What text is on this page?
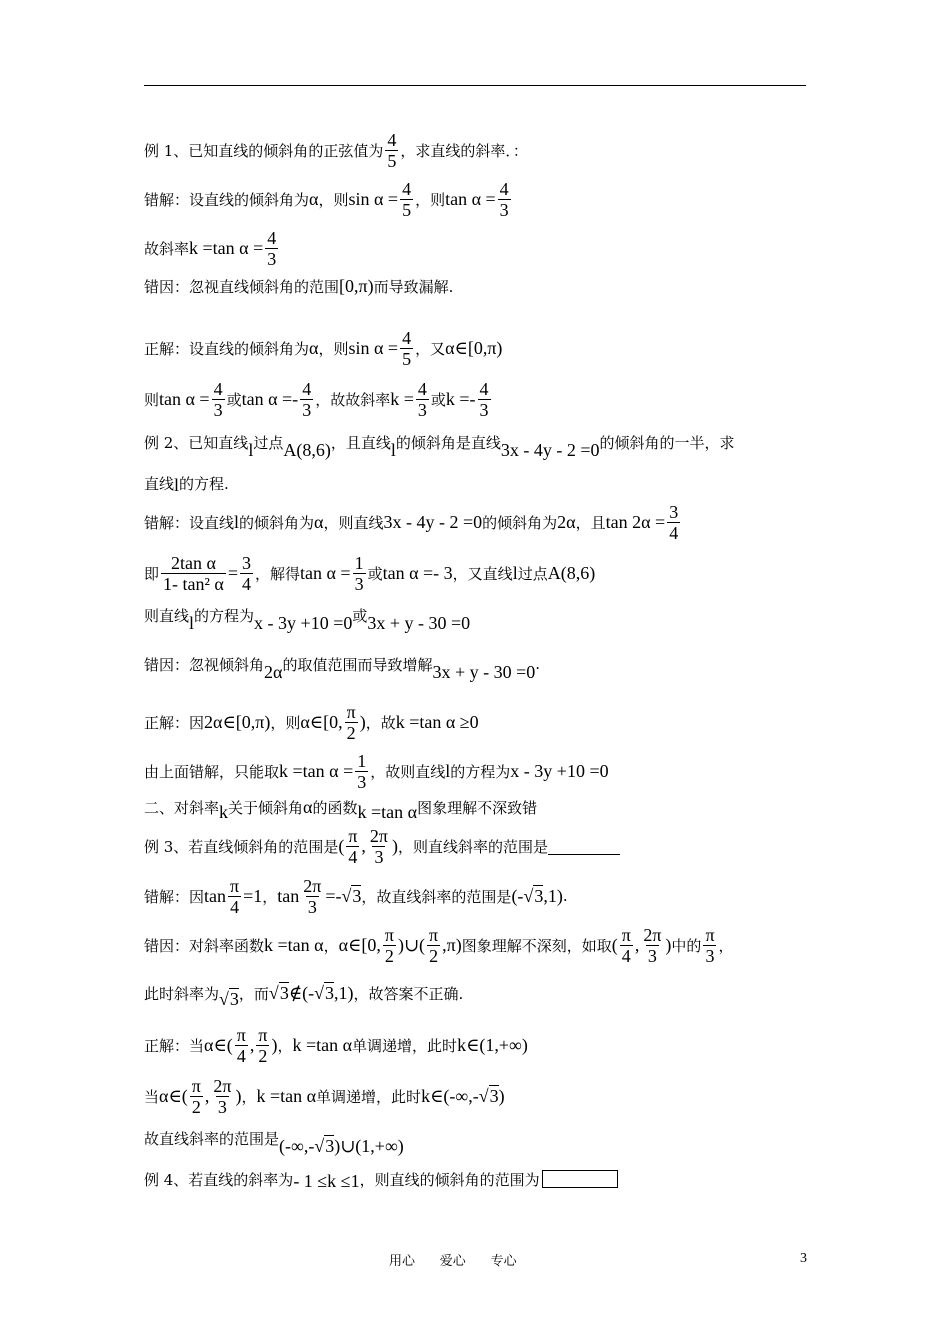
例 1、已知直线的倾斜角的正弦值为 $\frac{4}{5}$ ，求直线的斜率．：
错解：设直线的倾斜角为 α ，则 $\sin \alpha = \frac{4}{5}$ ，则 $\tan \alpha = \frac{4}{3}$
故斜率 k =tan $\alpha = \frac{4}{3}$
错因：忽视直线倾斜角的范围 [0,π) 而导致漏解.
正解：设直线的倾斜角为 α ，则 $\sin \alpha = \frac{4}{5}$ ，又 α∈[0,π)
则 $\tan \alpha = \frac{4}{3}$ 或 $\tan \alpha =- \frac{4}{3}$ ，故故斜率 $k = \frac{4}{3}$ 或 $k =- \frac{4}{3}$
例 2、已知直线 l 过点 A(8,6) ，且直线 l 的倾斜角是直线 3x - 4y - 2 =0 的倾斜角的一半，求
直线 l 的方程.
错解：设直线 l 的倾斜角为 α ，则直线 3x - 4y - 2 =0 的倾斜角为 2α ，且 $\tan 2\alpha = \frac{3}{4}$
即 $\frac{\text{2tan α}}{\text{1- tan² α}} = \frac{3}{4}$ ，解得 $\tan \alpha = \frac{1}{3}$ 或 tan α =- 3 ，又直线 l 过点 A(8,6)
则直线 l 的方程为 x - 3y +10 =0 或 3x + y - 30 =0
错因：忽视倾斜角 2α 的取值范围而导致增解 3x + y - 30 =0 .
正解：因 2α∈[0,π) ，则 α∈[0, $\frac{\pi}{2}$ ) ，故 k =tan α ≥0
由上面错解，只能取 k =tan $\alpha = \frac{1}{3}$ ，故则直线 l 的方程为 x - 3y +10 =0
二、对斜率 k 关于倾斜角 α 的函数 k =tan α 图象理解不深致错
例 3、若直线倾斜角的范围是 ( $\frac{\pi}{4}$ , $\frac{2\pi}{3}$ ) ，则直线斜率的范围是
错解：因 $\tan \frac{\pi}{4} =1$ ， $\tan \frac{2\pi}{3}$ =- √ 3 ，故直线斜率的范围是 (- √ 3 ,1) .
错因：对斜率函数 k =tan α ， α∈[0, $\frac{\pi}{2}$ )∪( $\frac{\pi}{2} ,\pi$) 图象理解不深刻，如取 ( $\frac{\pi}{4}$ , $\frac{2\pi}{3}$ ) 中的 $\frac{\pi}{3}$ ，
此时斜率为 √ 3 ，而 √ 3 ∉(- √ 3 ,1) ，故答案不正确.
正解：当 α∈( $\frac{\pi}{4}$ , $\frac{\pi}{2}$ ) ， k =tan α 单调递增，此时 k∈(1,+∞)
当 α∈( $\frac{\pi}{2}$ , $\frac{2\pi}{3}$ ) ， k =tan α 单调递增，此时 k∈(-∞,- √ 3 )
故直线斜率的范围是 (-∞,- √ 3 )∪(1,+∞)
例 4、若直线的斜率为 - 1 ≤k ≤1 ，则直线的倾斜角的范围为
用心      爱心      专心	3
